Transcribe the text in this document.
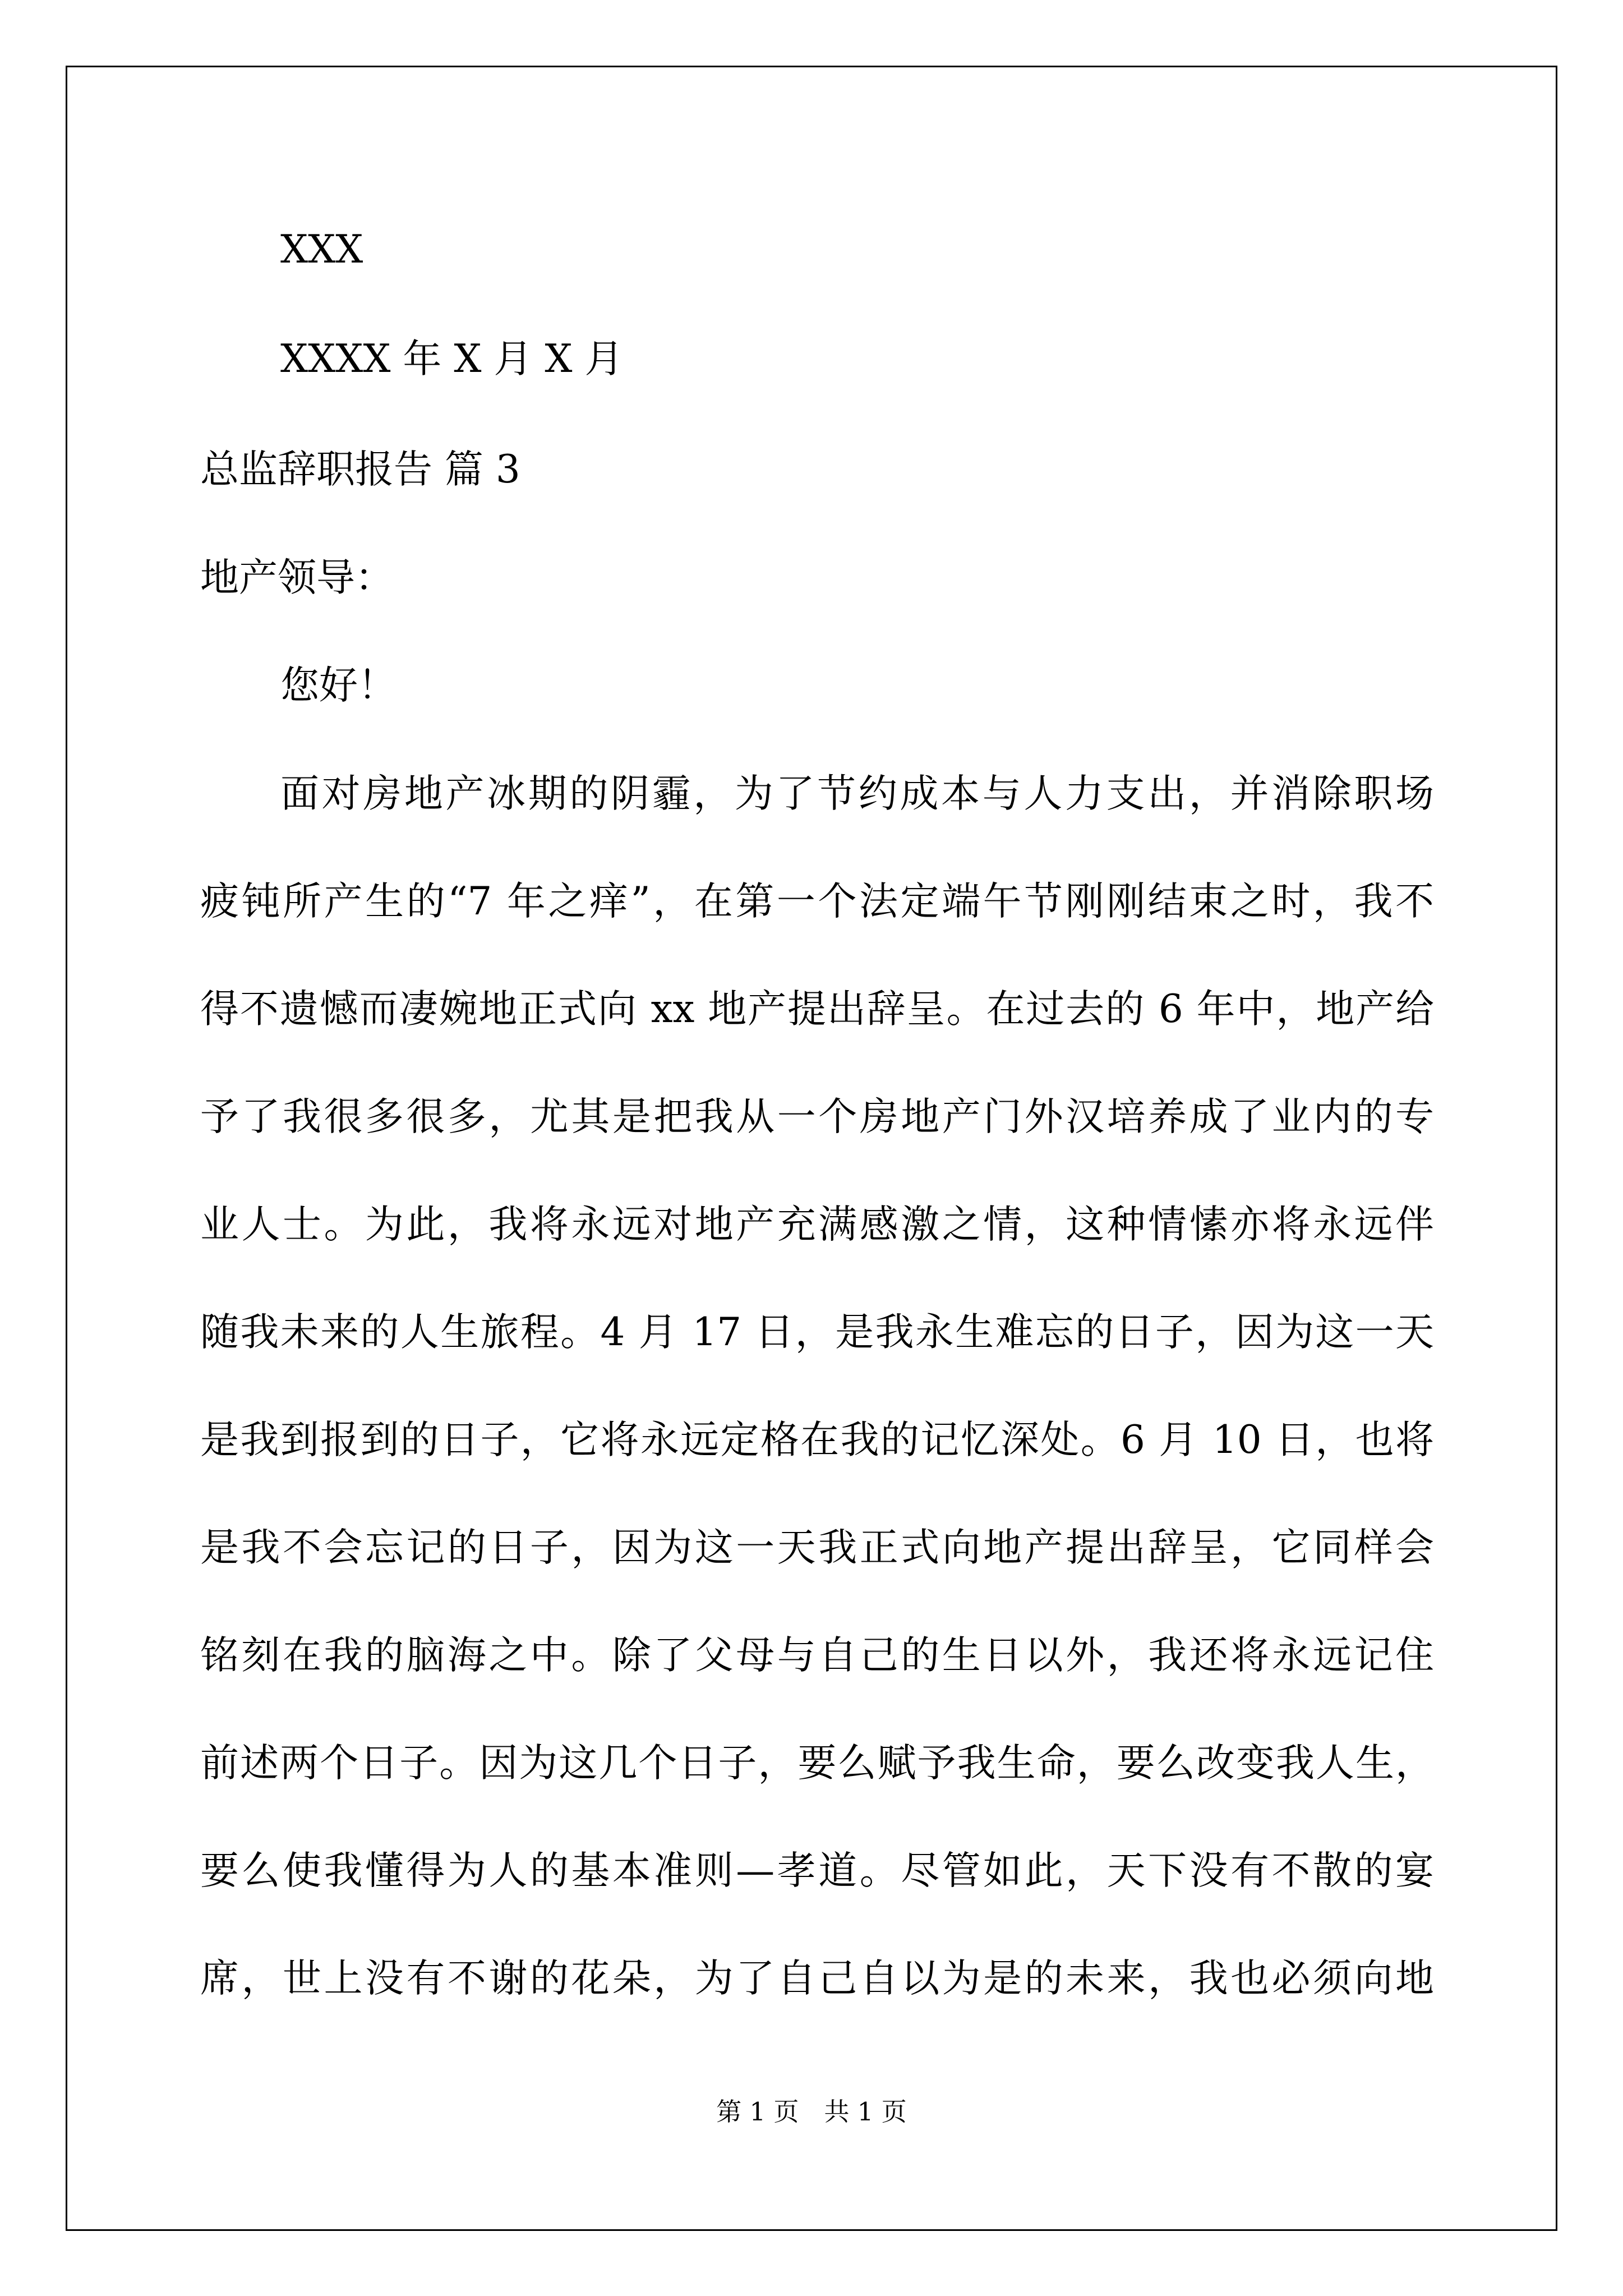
XXX
XXXX 年 X 月 X 月
总监辞职报告 篇 3
地产领导：
您好！
面对房地产冰期的阴霾，为了节约成本与人力支出，并消除职场
疲钝所产生的“7 年之痒”，在第一个法定端午节刚刚结束之时，我不
得不遗憾而凄婉地正式向 xx 地产提出辞呈。在过去的 6 年中，地产给
予了我很多很多，尤其是把我从一个房地产门外汉培养成了业内的专
业人士。为此，我将永远对地产充满感激之情，这种情愫亦将永远伴
随我未来的人生旅程。4 月 17 日，是我永生难忘的日子，因为这一天
是我到报到的日子，它将永远定格在我的记忆深处。6 月 10 日，也将
是我不会忘记的日子，因为这一天我正式向地产提出辞呈，它同样会
铭刻在我的脑海之中。除了父母与自己的生日以外，我还将永远记住
前述两个日子。因为这几个日子，要么赋予我生命，要么改变我人生，
要么使我懂得为人的基本准则—孝道。尽管如此，天下没有不散的宴
席，世上没有不谢的花朵，为了自己自以为是的未来，我也必须向地
第 1 页　共 1 页
